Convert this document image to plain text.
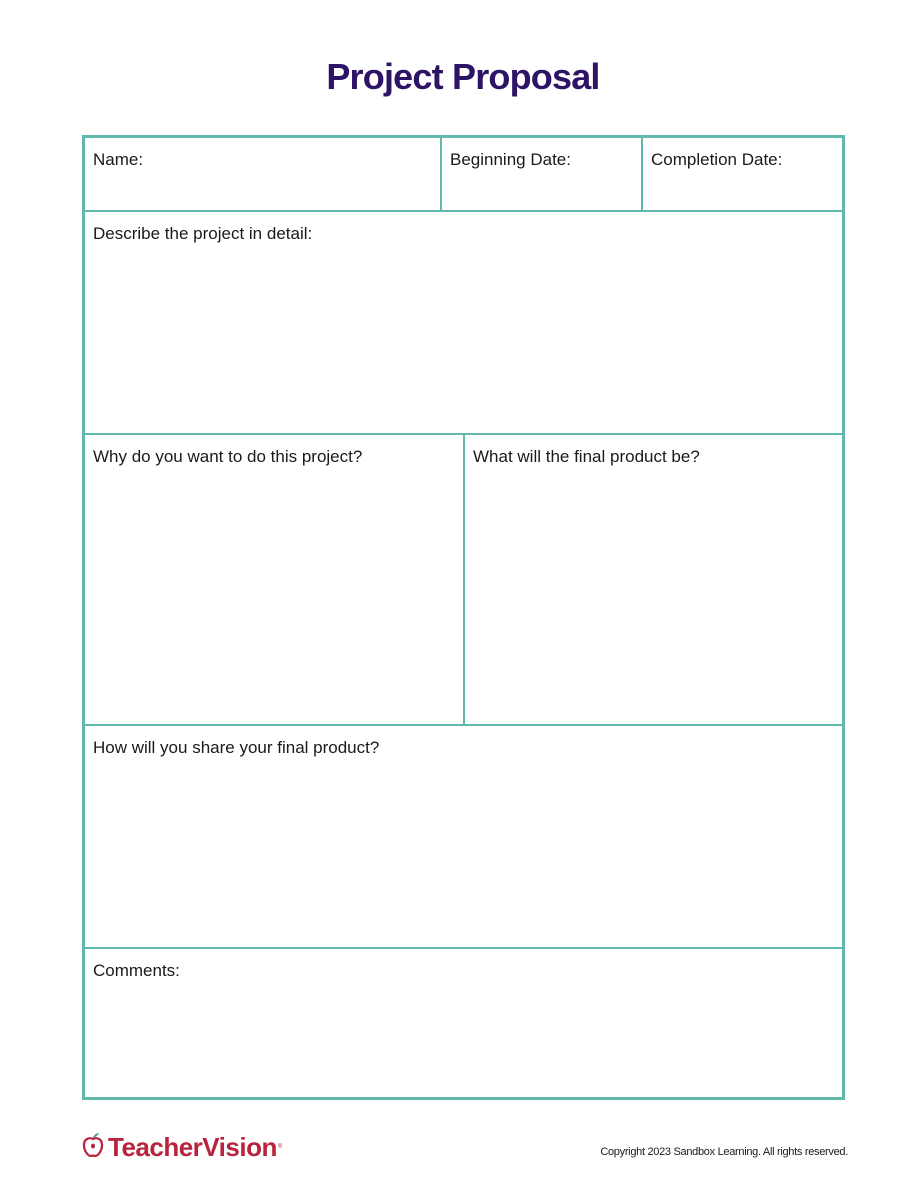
Project Proposal
Name:	Beginning Date:	Completion Date:
Describe the project in detail:
Why do you want to do this project?	What will the final product be?
How will you share your final product?
Comments:
TeacherVision ®	Copyright 2023 Sandbox Learning. All rights reserved.
